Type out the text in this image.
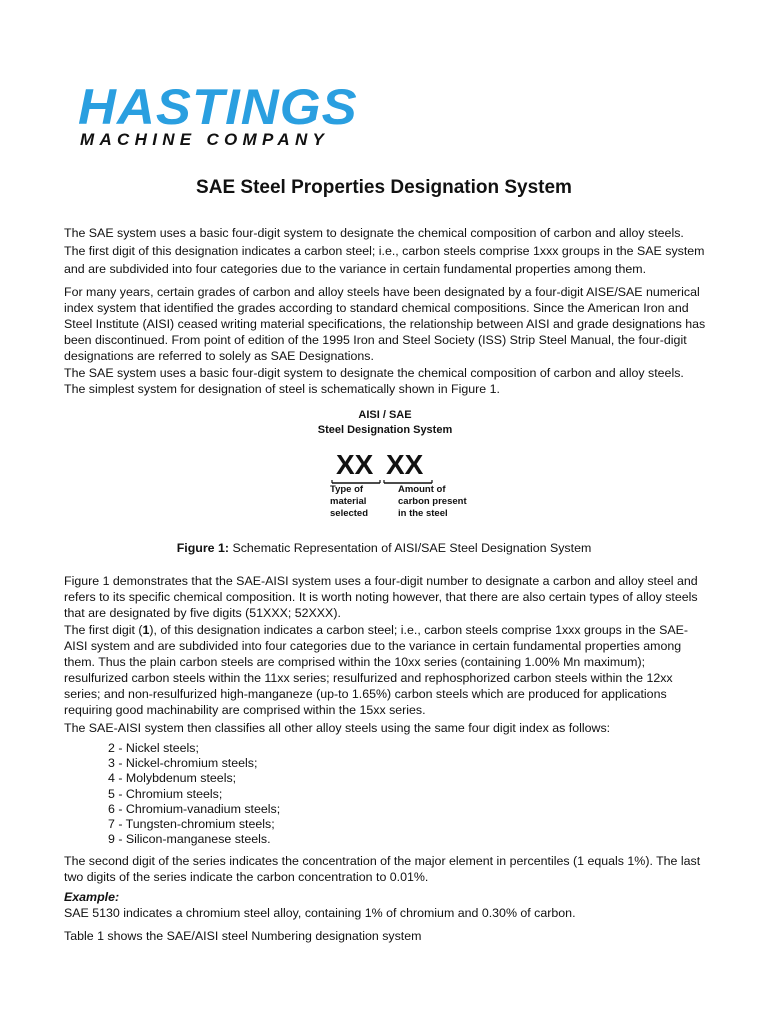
HASTINGS
MACHINE COMPANY
SAE Steel Properties Designation System

The SAE system uses a basic four-digit system to designate the chemical composition of carbon and alloy steels. The first digit of this designation indicates a carbon steel; i.e., carbon steels comprise 1xxx groups in the SAE system and are subdivided into four categories due to the variance in certain fundamental properties among them.

For many years, certain grades of carbon and alloy steels have been designated by a four-digit AISE/SAE numerical index system that identified the grades according to standard chemical compositions. Since the American Iron and Steel Institute (AISI) ceased writing material specifications, the relationship between AISI and grade designations has been discontinued. From point of edition of the 1995 Iron and Steel Society (ISS) Strip Steel Manual, the four-digit designations are referred to solely as SAE Designations.

The SAE system uses a basic four-digit system to designate the chemical composition of carbon and alloy steels. The simplest system for designation of steel is schematically shown in Figure 1.

AISI / SAE
Steel Designation System
XX XX
Type of
material
selected
Amount of
carbon present
in the steel
Figure 1: Schematic Representation of AISI/SAE Steel Designation System

Figure 1 demonstrates that the SAE-AISI system uses a four-digit number to designate a carbon and alloy steel and refers to its specific chemical composition. It is worth noting however, that there are also certain types of alloy steels that are designated by five digits (51XXX; 52XXX).

The first digit (1), of this designation indicates a carbon steel; i.e., carbon steels comprise 1xxx groups in the SAE-AISI system and are subdivided into four categories due to the variance in certain fundamental properties among them. Thus the plain carbon steels are comprised within the 10xx series (containing 1.00% Mn maximum); resulfurized carbon steels within the 11xx series; resulfurized and rephosphorized carbon steels within the 12xx series; and non-resulfurized high-manganeze (up-to 1.65%) carbon steels which are produced for applications requiring good machinability are comprised within the 15xx series.

The SAE-AISI system then classifies all other alloy steels using the same four digit index as follows:

2 - Nickel steels;
3 - Nickel-chromium steels;
4 - Molybdenum steels;
5 - Chromium steels;
6 - Chromium-vanadium steels;
7 - Tungsten-chromium steels;
9 - Silicon-manganese steels.

The second digit of the series indicates the concentration of the major element in percentiles (1 equals 1%). The last two digits of the series indicate the carbon concentration to 0.01%.

Example:

SAE 5130 indicates a chromium steel alloy, containing 1% of chromium and 0.30% of carbon.

Table 1 shows the SAE/AISI steel Numbering designation system
